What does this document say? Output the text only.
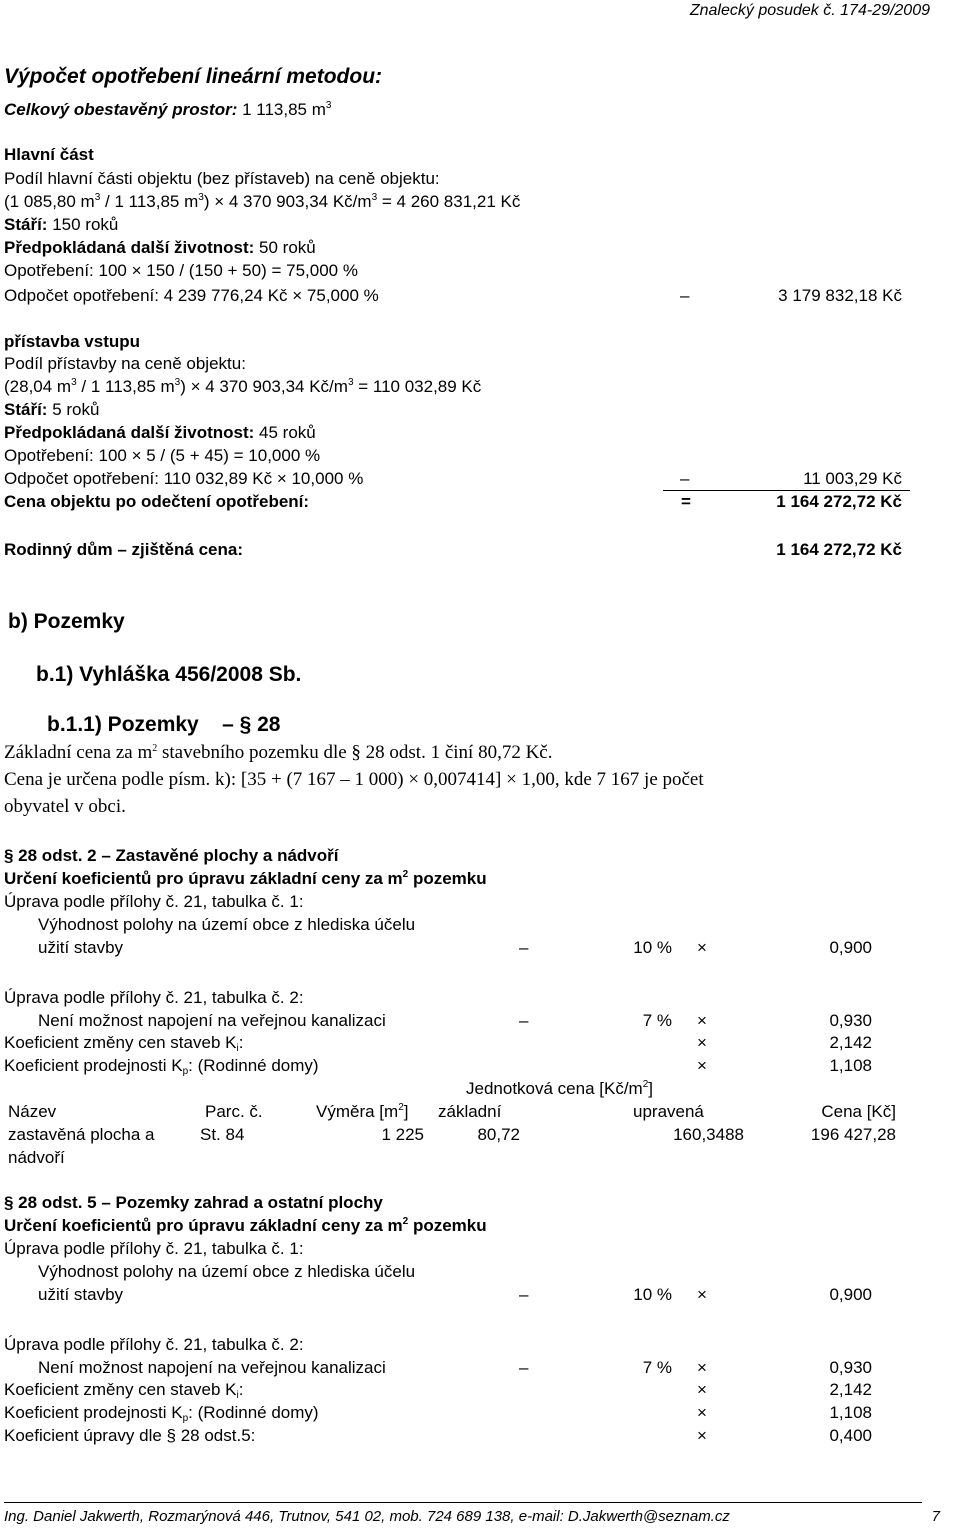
Znalecký posudek č. 174-29/2009
Výpočet opotřebení lineární metodou:
Celkový obestavěný prostor: 1 113,85 $m^3$
Hlavní část
Podíl hlavní části objektu (bez přístaveb) na ceně objektu:
(1 085,80 $m^3 / 1$ 113,85 $m^3) \times 4$ 370 903,34 $Kč/m^3 = 4$ 260 831,21 Kč
Stáří: 150 roků
Předpokládaná další životnost: 50 roků
Opotřebení: 100 × 150 / (150 + 50) = 75,000 %
Odpočet opotřebení: 4 239 776,24 Kč × 75,000 %	–	3 179 832,18 Kč
přístavba vstupu
Podíl přístavby na ceně objektu:
(28,04 $m^3 / 1$ 113,85 $m^3) \times 4$ 370 903,34 $Kč/m^3 = 110$ 032,89 Kč
Stáří: 5 roků
Předpokládaná další životnost: 45 roků
Opotřebení: 100 × 5 / (5 + 45) = 10,000 %
Odpočet opotřebení: 110 032,89 Kč × 10,000 %	–	11 003,29 Kč
Cena objektu po odečtení opotřebení:	=	1 164 272,72 Kč
Rodinný dům – zjištěná cena:	1 164 272,72 Kč
b) Pozemky
b.1) Vyhláška 456/2008 Sb.
b.1.1) Pozemky – § 28
Základní cena za $m^2$ stavebního pozemku dle § 28 odst. 1 činí 80,72 Kč.
Cena je určena podle písm. k): [35 + (7 167 – 1 000) × 0,007414] × 1,00, kde 7 167 je počet
obyvatel v obci.
§ 28 odst. 2 – Zastavěné plochy a nádvoří
Určení koeficientů pro úpravu základní ceny za $m^2$ pozemku
Úprava podle přílohy č. 21, tabulka č. 1:
Výhodnost polohy na území obce z hlediska účelu
užití stavby	–	10 % ×	0,900
Úprava podle přílohy č. 21, tabulka č. 2:
Není možnost napojení na veřejnou kanalizaci	–	7 % ×	0,930
Koeficient změny cen staveb $K_i$:	×	2,142
Koeficient prodejnosti $K_p$: (Rodinné domy)	×	1,108
Jednotková cena $[Kč/m^2]$
Název	Parc. č.	Výměra $[m^2]$ základní	upravená	Cena [Kč]
zastavěná plocha a
nádvoří
St. 84	1 225	80,72	160,3488	196 427,28
§ 28 odst. 5 – Pozemky zahrad a ostatní plochy
Určení koeficientů pro úpravu základní ceny za $m^2$ pozemku
Úprava podle přílohy č. 21, tabulka č. 1:
Výhodnost polohy na území obce z hlediska účelu
užití stavby	–	10 % ×	0,900
Úprava podle přílohy č. 21, tabulka č. 2:
Není možnost napojení na veřejnou kanalizaci	–	7 % ×	0,930
Koeficient změny cen staveb $K_i$:	×	2,142
Koeficient prodejnosti $K_p$: (Rodinné domy)	×	1,108
Koeficient úpravy dle § 28 odst.5:	×	0,400
Ing. Daniel Jakwerth, Rozmarýnová 446, Trutnov, 541 02, mob. 724 689 138, e-mail: D.Jakwerth@seznam.cz	7
